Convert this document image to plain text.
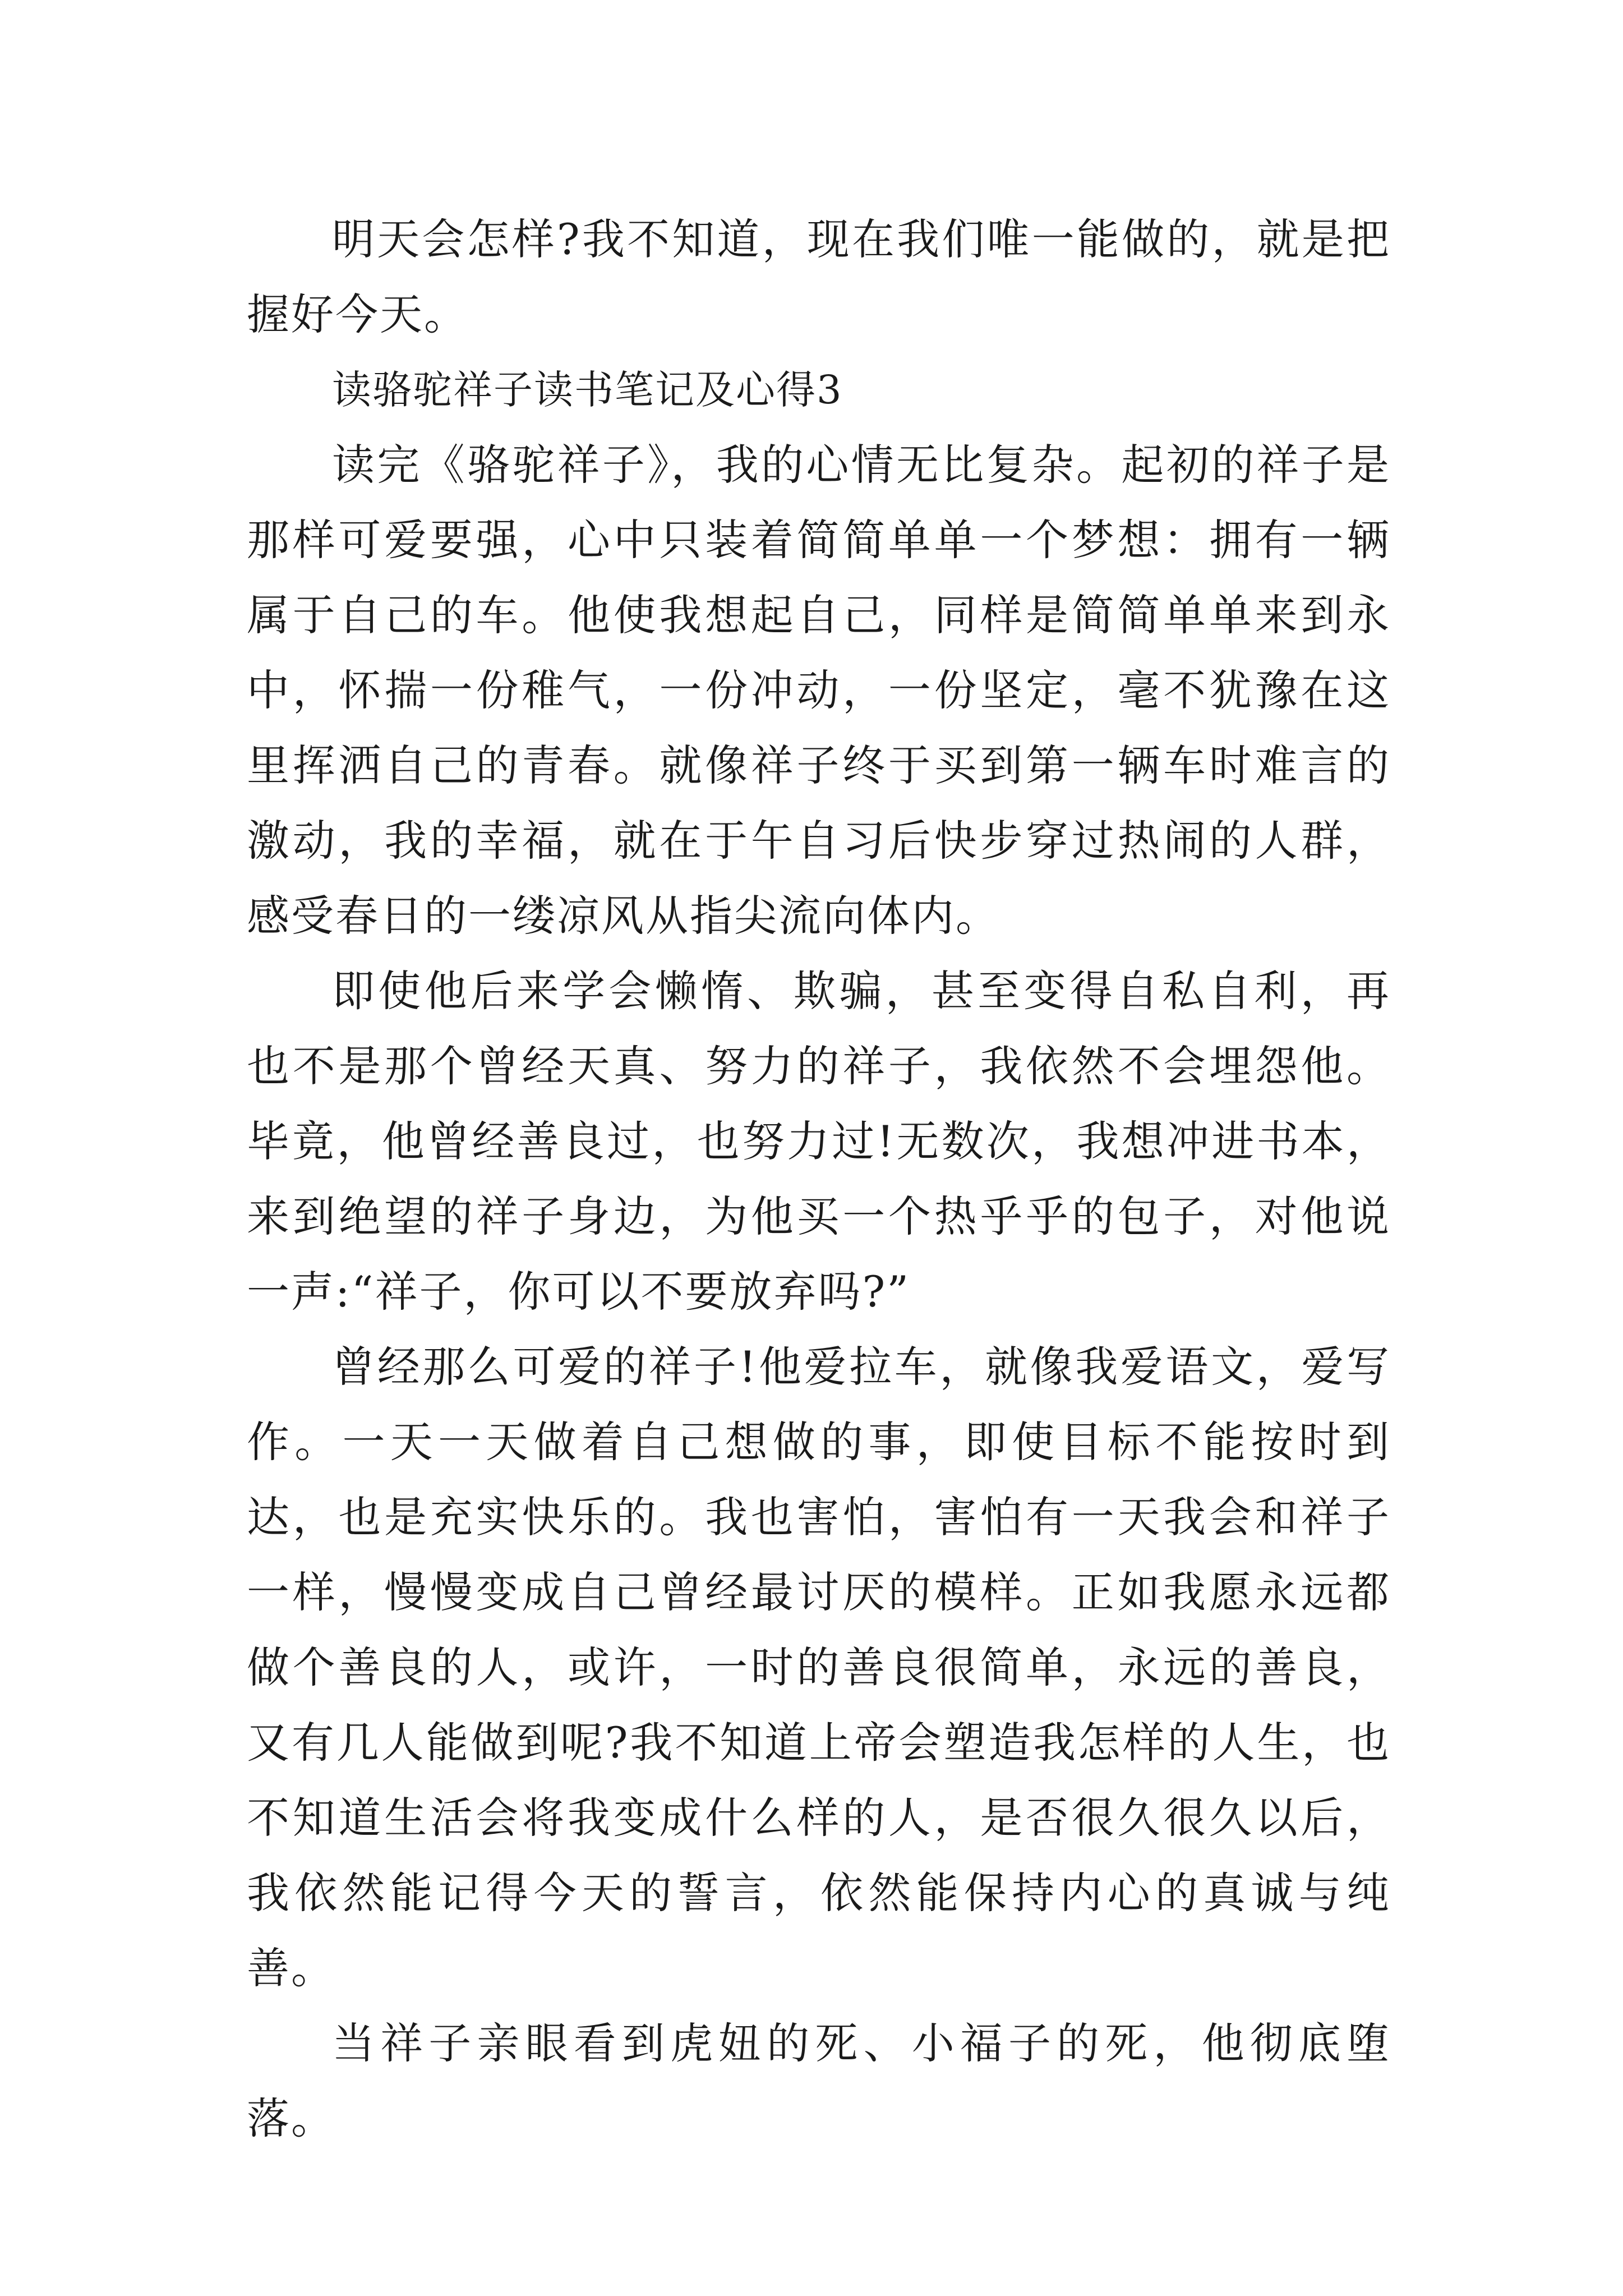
明天会怎样?我不知道，现在我们唯一能做的，就是把握好今天。

读骆驼祥子读书笔记及心得3

读完《骆驼祥子》，我的心情无比复杂。起初的祥子是那样可爱要强，心中只装着简简单单一个梦想：拥有一辆属于自己的车。他使我想起自己，同样是简简单单来到永中，怀揣一份稚气，一份冲动，一份坚定，毫不犹豫在这里挥洒自己的青春。就像祥子终于买到第一辆车时难言的激动，我的幸福，就在于午自习后快步穿过热闹的人群，感受春日的一缕凉风从指尖流向体内。

即使他后来学会懒惰、欺骗，甚至变得自私自利，再也不是那个曾经天真、努力的祥子，我依然不会埋怨他。毕竟，他曾经善良过，也努力过!无数次，我想冲进书本，来到绝望的祥子身边，为他买一个热乎乎的包子，对他说一声:“祥子，你可以不要放弃吗?”

曾经那么可爱的祥子!他爱拉车，就像我爱语文，爱写作。一天一天做着自己想做的事，即使目标不能按时到达，也是充实快乐的。我也害怕，害怕有一天我会和祥子一样，慢慢变成自己曾经最讨厌的模样。正如我愿永远都做个善良的人，或许，一时的善良很简单，永远的善良，又有几人能做到呢?我不知道上帝会塑造我怎样的人生，也不知道生活会将我变成什么样的人，是否很久很久以后，我依然能记得今天的誓言，依然能保持内心的真诚与纯善。

当祥子亲眼看到虎妞的死、小福子的死，他彻底堕落。
